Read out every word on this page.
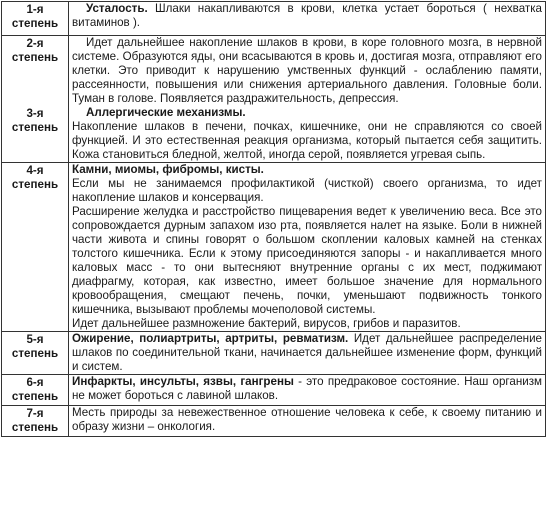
1-я
степень	Усталость. Шлаки накапливаются в крови, клетка устает бороться ( нехватка витаминов ).

2-я
степень	Идет дальнейшее накопление шлаков в крови, в коре головного мозга, в нервной системе. Образуются яды, они всасываются в кровь и, достигая мозга, отправляют его клетки. Это приводит к нарушению умственных функций - ослаблению памяти, рассеянности, повышения или снижения артериального давления. Головные боли. Туман в голове. Появляется раздражительность, депрессия.

3-я
степень	Аллергические механизмы.
Накопление шлаков в печени, почках, кишечнике, они не справляются со своей функцией. И это естественная реакция организма, который пытается себя защитить. Кожа становиться бледной, желтой, иногда серой, появляется угревая сыпь.

4-я
степень	Камни, миомы, фибромы, кисты.
Если мы не занимаемся профилактикой (чисткой) своего организма, то идет накопление шлаков и консервация.
Расширение желудка и расстройство пищеварения ведет к увеличению веса. Все это сопровождается дурным запахом изо рта, появляется налет на языке. Боли в нижней части живота и спины говорят о большом скоплении каловых камней на стенках толстого кишечника. Если к этому присоединяются запоры - и накапливается много каловых масс - то они вытесняют внутренние органы с их мест, поджимают диафрагму, которая, как известно, имеет большое значение для нормального кровообращения, смещают печень, почки, уменьшают подвижность тонкого кишечника, вызывают проблемы мочеполовой системы.
Идет дальнейшее размножение бактерий, вирусов, грибов и паразитов.

5-я
степень	Ожирение, полиартриты, артриты, ревматизм. Идет дальнейшее распределение шлаков по соединительной ткани, начинается дальнейшее изменение форм, функций и систем.

6-я
степень	Инфаркты, инсульты, язвы, гангрены - это предраковое состояние. Наш организм не может бороться с лавиной шлаков.

7-я
степень	Месть природы за невежественное отношение человека к себе, к своему питанию и образу жизни – онкология.
